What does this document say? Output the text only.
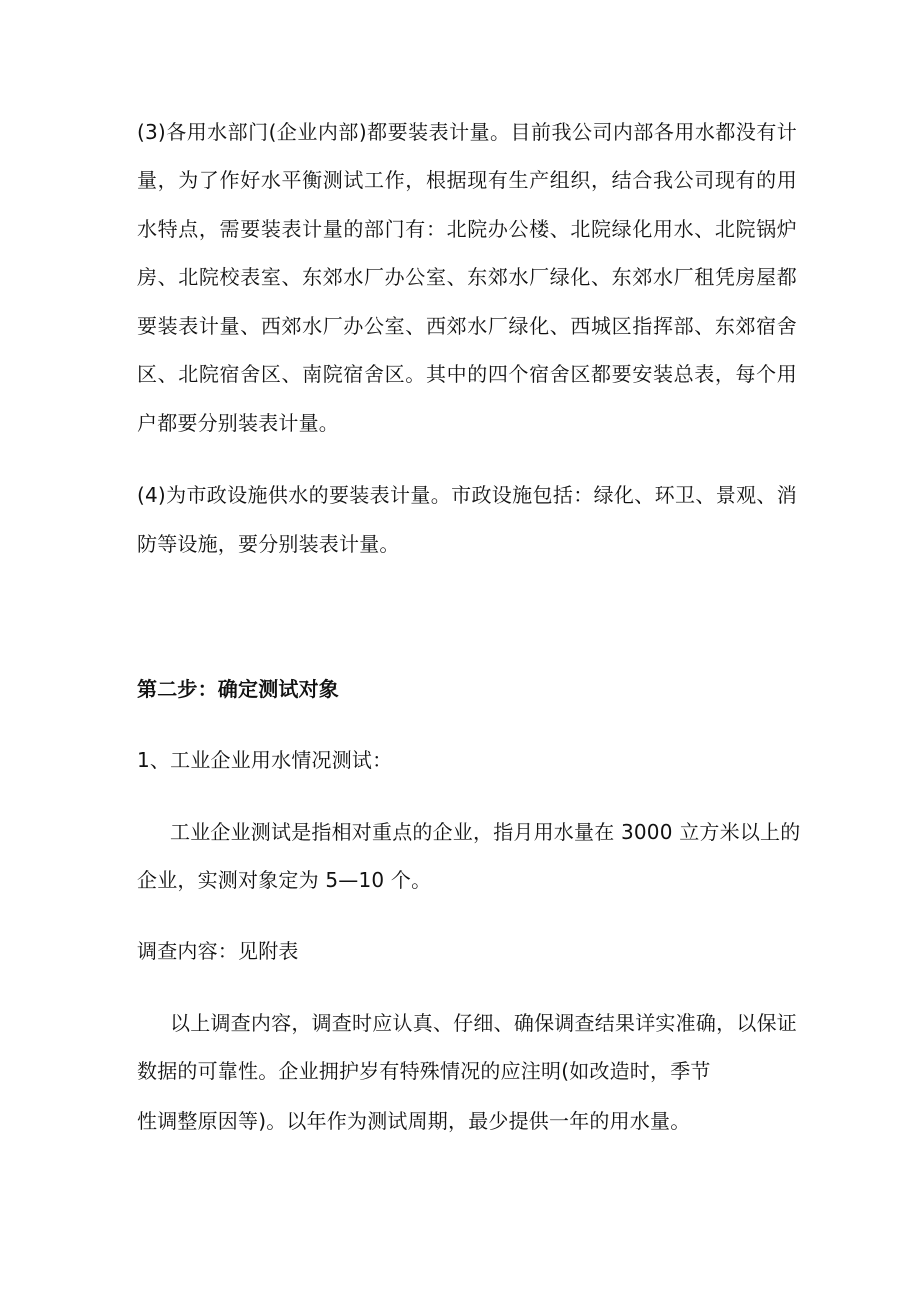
(3)各用水部门(企业内部)都要装表计量。目前我公司内部各用水都没有计
量，为了作好水平衡测试工作，根据现有生产组织，结合我公司现有的用
水特点，需要装表计量的部门有：北院办公楼、北院绿化用水、北院锅炉
房、北院校表室、东郊水厂办公室、东郊水厂绿化、东郊水厂租凭房屋都
要装表计量、西郊水厂办公室、西郊水厂绿化、西城区指挥部、东郊宿舍
区、北院宿舍区、南院宿舍区。其中的四个宿舍区都要安装总表，每个用
户都要分别装表计量。
(4)为市政设施供水的要装表计量。市政设施包括：绿化、环卫、景观、消
防等设施，要分别装表计量。
第二步：确定测试对象
1、工业企业用水情况测试：
工业企业测试是指相对重点的企业，指月用水量在 3000 立方米以上的
企业，实测对象定为 5—10 个。
调查内容：见附表
以上调查内容，调查时应认真、仔细、确保调查结果详实准确，以保证
数据的可靠性。企业拥护岁有特殊情况的应注明(如改造时，季节
性调整原因等)。以年作为测试周期，最少提供一年的用水量。
